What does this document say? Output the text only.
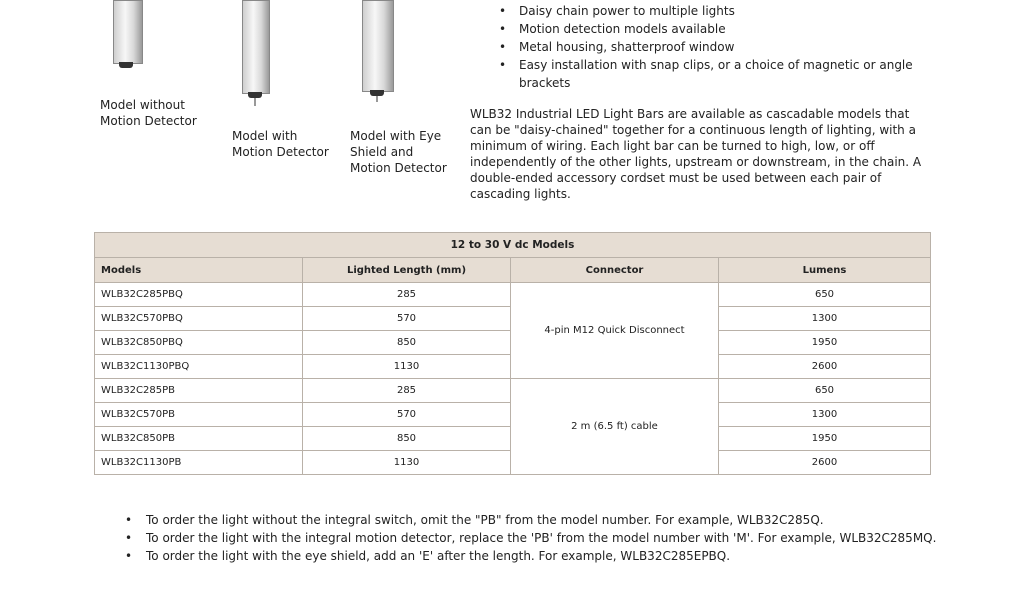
Model without
Motion Detector
Model with
Motion Detector
Model with Eye
Shield and
Motion Detector
• Daisy chain power to multiple lights
• Motion detection models available
• Metal housing, shatterproof window
• Easy installation with snap clips, or a choice of magnetic or angle brackets
WLB32 Industrial LED Light Bars are available as cascadable models that can be "daisy-chained" together for a continuous length of lighting, with a minimum of wiring. Each light bar can be turned to high, low, or off independently of the other lights, upstream or downstream, in the chain. A double-ended accessory cordset must be used between each pair of cascading lights.
12 to 30 V dc Models			
Models	Lighted Length (mm)	Connector	Lumens
WLB32C285PBQ	285	4-pin M12 Quick Disconnect	650
WLB32C570PBQ	570		1300
WLB32C850PBQ	850		1950
WLB32C1130PBQ	1130		2600
WLB32C285PB	285	2 m (6.5 ft) cable	650
WLB32C570PB	570		1300
WLB32C850PB	850		1950
WLB32C1130PB	1130		2600
• To order the light without the integral switch, omit the "PB" from the model number. For example, WLB32C285Q.
• To order the light with the integral motion detector, replace the 'PB' from the model number with 'M'. For example, WLB32C285MQ.
• To order the light with the eye shield, add an 'E' after the length. For example, WLB32C285EPBQ.
